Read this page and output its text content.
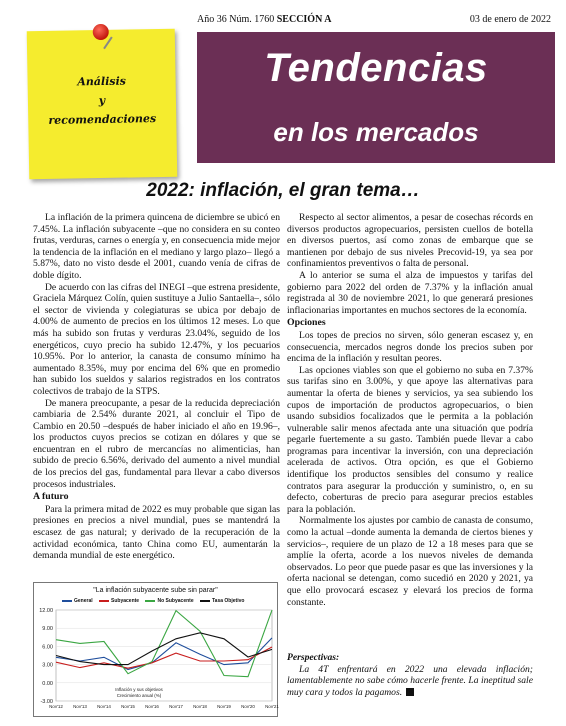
Año 36 Núm. 1760 SECCIÓN A	03 de enero de 2022
Análisis
y
recomendaciones
Tendencias
en los mercados
2022: inflación, el gran tema…

La inflación de la primera quincena de diciembre se ubicó en 7.45%. La inflación subyacente –que no considera en su conteo frutas, verduras, carnes o energía y, en consecuencia mide mejor la tendencia de la inflación en el mediano y largo plazo– llegó a 5.87%, dato no visto desde el 2001, cuando venía de cifras de doble dígito.

De acuerdo con las cifras del INEGI –que estrena presidente, Graciela Márquez Colín, quien sustituye a Julio Santaella–, sólo el sector de vivienda y colegiaturas se ubica por debajo de 4.00% de aumento de precios en los últimos 12 meses. Lo que más ha subido son frutas y verduras 23.04%, seguido de los energéticos, cuyo precio ha subido 12.47%, y los pecuarios 10.95%. Por lo anterior, la canasta de consumo mínimo ha aumentado 8.35%, muy por encima del 6% que en promedio han subido los sueldos y salarios registrados en los contratos colectivos de trabajo de la STPS.

De manera preocupante, a pesar de la reducida depreciación cambiaria de 2.54% durante 2021, al concluir el Tipo de Cambio en 20.50 –después de haber iniciado el año en 19.96–, los productos cuyos precios se cotizan en dólares y que se encuentran en el rubro de mercancías no alimenticias, han subido de precio 6.56%, derivado del aumento a nivel mundial de los precios del gas, fundamental para llevar a cabo diversos procesos industriales.

A futuro

Para la primera mitad de 2022 es muy probable que sigan las presiones en precios a nivel mundial, pues se mantendrá la escasez de gas natural; y derivado de la recuperación de la actividad económica, tanto China como EU, aumentarán la demanda mundial de este energético.

"La inflación subyacente sube sin parar"
General	Subyacente	No Subyacente	Tasa Objetivo
-3.00
0.00
3.00
6.00
9.00
12.00
Nov'12 Nov'13 Nov'14 Nov'15 Nov'16 Nov'17 Nov'18 Nov'19 Nov'20 Nov'21
Inflación y sus objetivos
Crecimiento anual (%)

Respecto al sector alimentos, a pesar de cosechas récords en diversos productos agropecuarios, persisten cuellos de botella en diversos puertos, así como zonas de embarque que se mantienen por debajo de sus niveles Precovid-19, ya sea por confinamientos preventivos o falta de personal.

A lo anterior se suma el alza de impuestos y tarifas del gobierno para 2022 del orden de 7.37% y la inflación anual registrada al 30 de noviembre 2021, lo que generará presiones inflacionarias importantes en muchos sectores de la economía.

Opciones

Los topes de precios no sirven, sólo generan escasez y, en consecuencia, mercados negros donde los precios suben por encima de la inflación y resultan peores.

Las opciones viables son que el gobierno no suba en 7.37% sus tarifas sino en 3.00%, y que apoye las alternativas para aumentar la oferta de bienes y servicios, ya sea subiendo los cupos de importación de productos agropecuarios, o bien usando subsidios focalizados que le permita a la población vulnerable salir menos afectada ante una situación que podría pegarle fuertemente a su gasto. También puede llevar a cabo programas para incentivar la inversión, con una depreciación acelerada de activos. Otra opción, es que el Gobierno identifique los productos sensibles del consumo y realice contratos para asegurar la producción y suministro, o, en su defecto, coberturas de precio para asegurar precios estables para la población.

Normalmente los ajustes por cambio de canasta de consumo, como la actual –donde aumenta la demanda de ciertos bienes y servicios–, requiere de un plazo de 12 a 18 meses para que se amplíe la oferta, acorde a los nuevos niveles de demanda observados. Lo peor que puede pasar es que las inversiones y la oferta nacional se detengan, como sucedió en 2020 y 2021, ya que ello provocará escasez y elevará los precios de forma constante.

Perspectivas:
La 4T enfrentará en 2022 una elevada inflación; lamentablemente no sabe cómo hacerle frente. La ineptitud sale muy cara y todos la pagamos.
